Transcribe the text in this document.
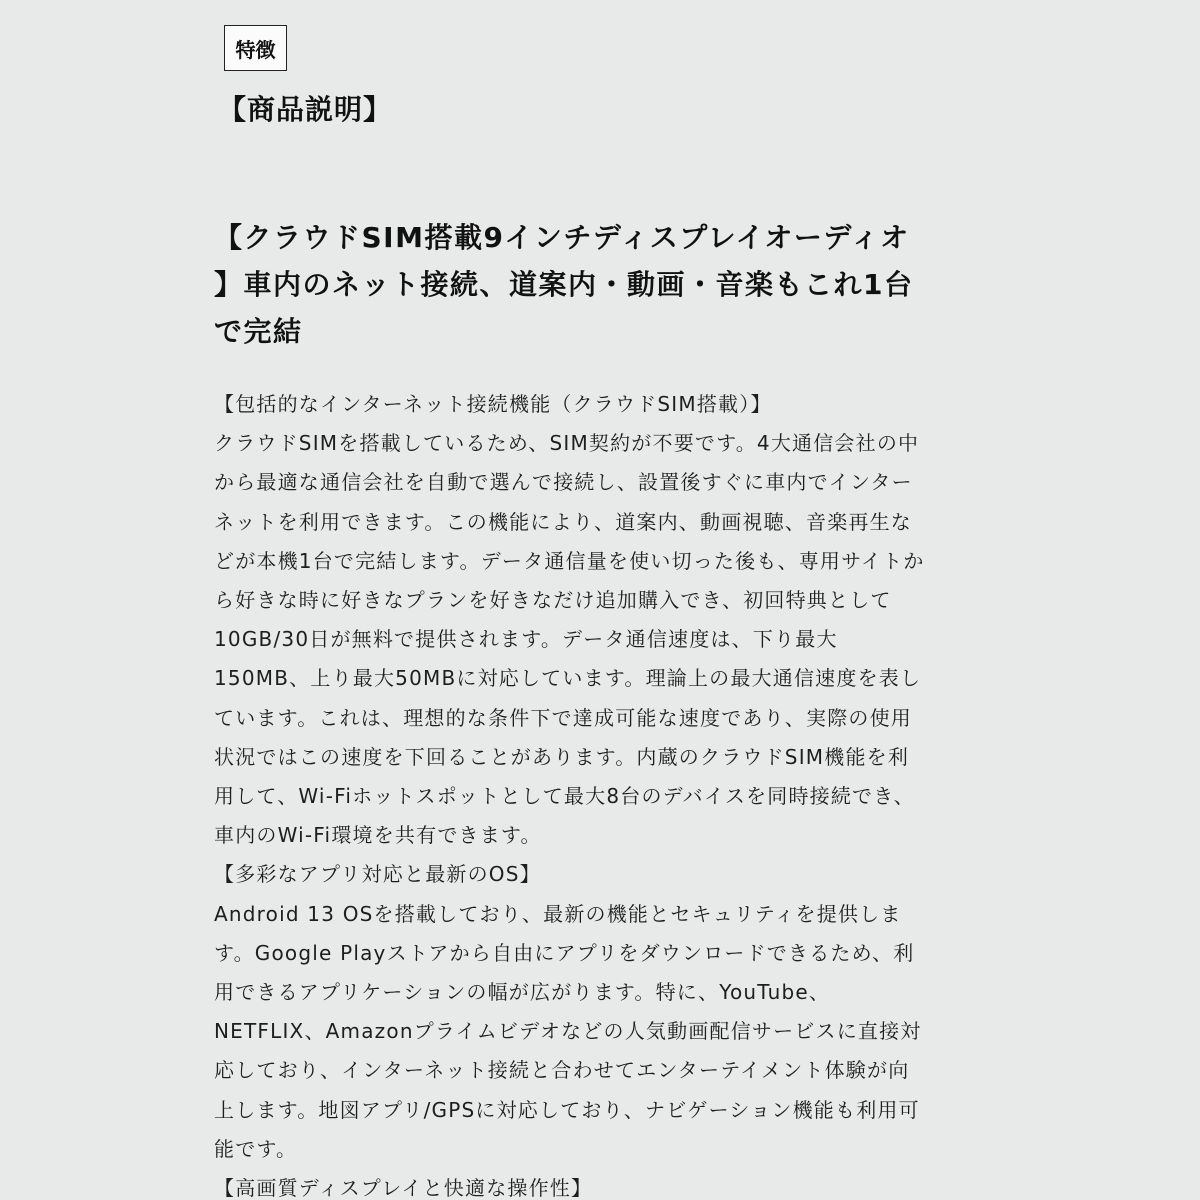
特徴
【商品説明】
【クラウドSIM搭載9インチディスプレイオーディオ 】車内のネット接続、道案内・動画・音楽もこれ1台で完結
【包括的なインターネット接続機能（クラウドSIM搭載）】

クラウドSIMを搭載しているため、SIM契約が不要です。4大通信会社の中から最適な通信会社を自動で選んで接続し、設置後すぐに車内でインターネットを利用できます。この機能により、道案内、動画視聴、音楽再生などが本機1台で完結します。データ通信量を使い切った後も、専用サイトから好きな時に好きなプランを好きなだけ追加購入でき、初回特典として10GB/30日が無料で提供されます。データ通信速度は、下り最大150MB、上り最大50MBに対応しています。理論上の最大通信速度を表しています。これは、理想的な条件下で達成可能な速度であり、実際の使用状況ではこの速度を下回ることがあります。内蔵のクラウドSIM機能を利用して、Wi-Fiホットスポットとして最大8台のデバイスを同時接続でき、車内のWi-Fi環境を共有できます。

【多彩なアプリ対応と最新のOS】

Android 13 OSを搭載しており、最新の機能とセキュリティを提供します。Google Playストアから自由にアプリをダウンロードできるため、利用できるアプリケーションの幅が広がります。特に、YouTube、NETFLIX、Amazonプライムビデオなどの人気動画配信サービスに直接対応しており、インターネット接続と合わせてエンターテイメント体験が向上します。地図アプリ/GPSに対応しており、ナビゲーション機能も利用可能です。

【高画質ディスプレイと快適な操作性】
